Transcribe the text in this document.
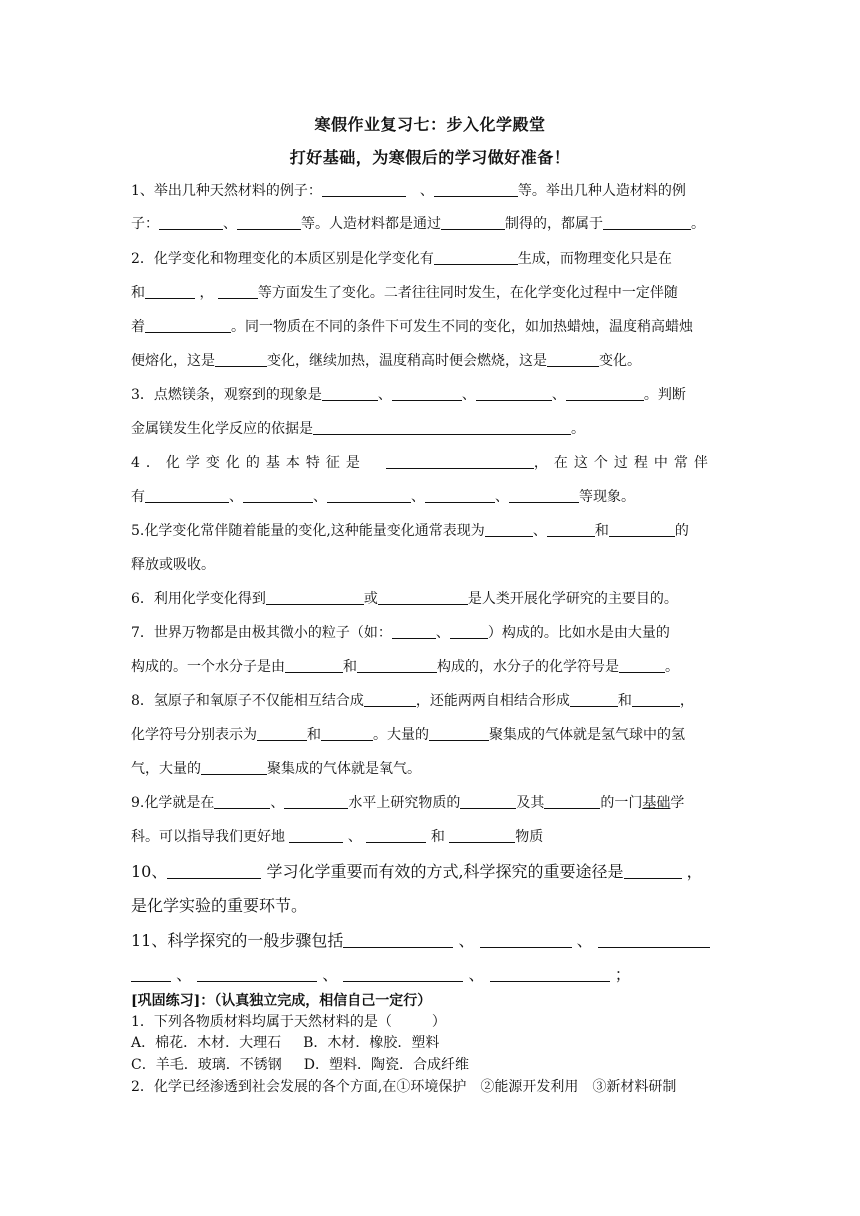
寒假作业复习七：步入化学殿堂
打好基础，为寒假后的学习做好准备！
1、举出几种天然材料的例子：　	、	等。举出几种人造材料的例
子：	、	等。人造材料都是通过	制得的，都属于	。
2．化学变化和物理变化的本质区别是化学变化有	生成，而物理变化只是在
和	，	等方面发生了变化。二者往往同时发生，在化学变化过程中一定伴随
着	。同一物质在不同的条件下可发生不同的变化，如加热蜡烛，温度稍高蜡烛
便熔化，这是	变化，继续加热，温度稍高时便会燃烧，这是	变化。
3．点燃镁条，观察到的现象是	、	、	、	。判断
金属镁发生化学反应的依据是	。
4．化学变化的基本特征是　	，在这个过程中常伴
有	、	、	、	、	等现象。
5.化学变化常伴随着能量的变化,这种能量变化通常表现为	、	和	的
释放或吸收。
6．利用化学变化得到	或	是人类开展化学研究的主要目的。
7．世界万物都是由极其微小的粒子（如：	、	）构成的。比如水是由大量的
构成的。一个水分子是由	和	构成的，水分子的化学符号是	。
8．氢原子和氧原子不仅能相互结合成	，还能两两自相结合形成	和	，
化学符号分别表示为	和	。大量的	聚集成的气体就是氢气球中的氢
气，大量的	聚集成的气体就是氧气。
9.化学就是在	、	水平上研究物质的	及其	的一门基础学
科。可以指导我们更好地	、	和	物质
10、	学习化学重要而有效的方式,科学探究的重要途径是	，
是化学实验的重要环节。
11、科学探究的一般步骤包括	、	、
、	、	、	；
[巩固练习]：（认真独立完成，相信自己一定行）
1．下列各物质材料均属于天然材料的是（	）
A．棉花．木材．大理石 B．木材．橡胶．塑料
C．羊毛．玻璃．不锈钢 D．塑料．陶瓷．合成纤维
2．化学已经渗透到社会发展的各个方面,在①环境保护　②能源开发利用　③新材料研制
